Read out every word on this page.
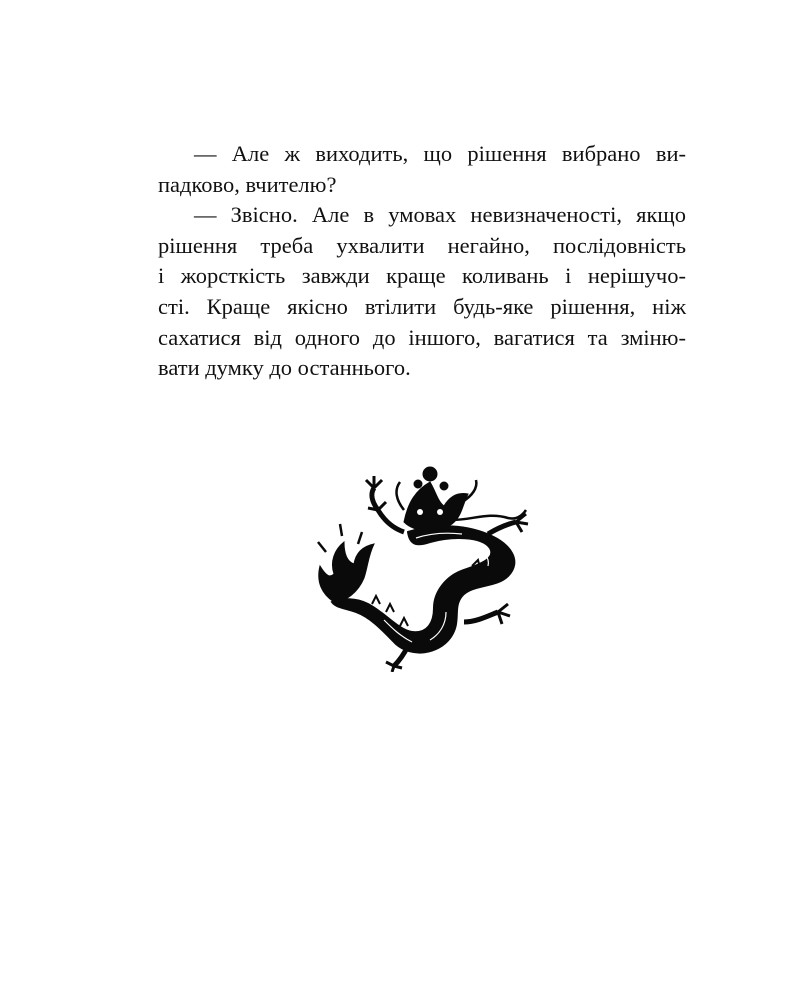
— Але ж виходить, що рішення вибрано ви-
падково, вчителю?
— Звісно. Але в умовах невизначеності, якщо
рішення треба ухвалити негайно, послідовність
і жорсткість завжди краще коливань і нерішучо-
сті. Краще якісно втілити будь-яке рішення, ніж
сахатися від одного до іншого, вагатися та зміню-
вати думку до останнього.
